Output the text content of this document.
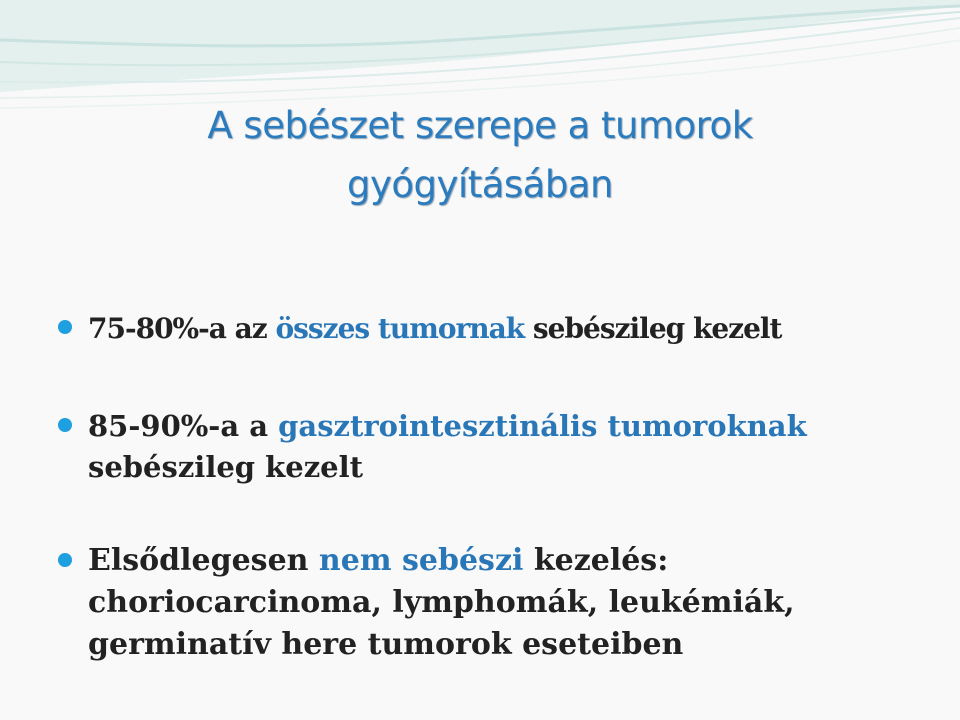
A sebészet szerepe a tumorok
gyógyításában
75-80%-a az összes tumornak sebészileg kezelt
85-90%-a a gasztrointesztinális tumoroknak sebészileg kezelt
Elsődlegesen nem sebészi kezelés: choriocarcinoma, lymphomák, leukémiák, germinatív here tumorok eseteiben
